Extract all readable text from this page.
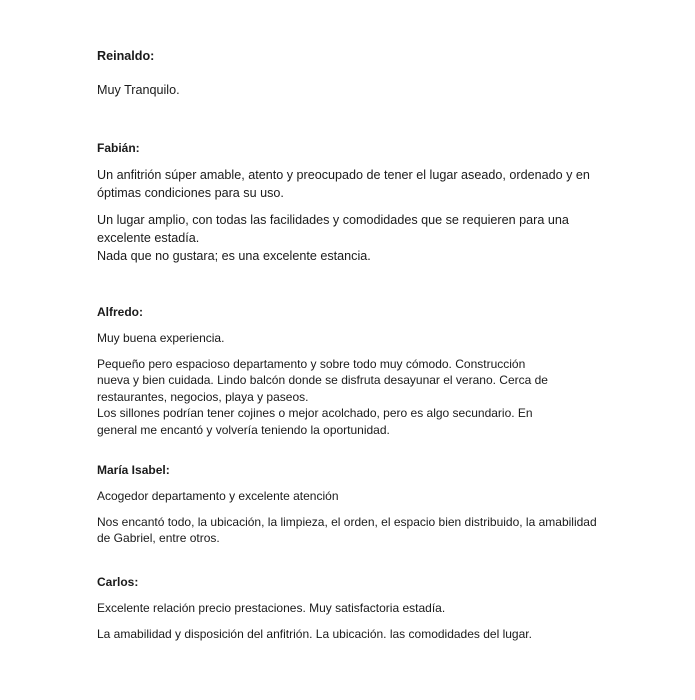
Reinaldo:

Muy Tranquilo.

Fabián:

Un anfitrión súper amable, atento y preocupado de tener el lugar aseado, ordenado y en óptimas condiciones para su uso.

Un lugar amplio, con todas las facilidades y comodidades que se requieren para una excelente estadía.

Nada que no gustara; es una excelente estancia.

Alfredo:

Muy buena experiencia.

Pequeño pero espacioso departamento y sobre todo muy cómodo. Construcción nueva y bien cuidada. Lindo balcón donde se disfruta desayunar el verano. Cerca de restaurantes, negocios, playa y paseos.

Los sillones podrían tener cojines o mejor acolchado, pero es algo secundario. En general me encantó y volvería teniendo la oportunidad.

María Isabel:

Acogedor departamento y excelente atención

Nos encantó todo, la ubicación, la limpieza, el orden, el espacio bien distribuido, la amabilidad de Gabriel, entre otros.

Carlos:

Excelente relación precio prestaciones. Muy satisfactoria estadía.

La amabilidad y disposición del anfitrión. La ubicación. las comodidades del lugar.
